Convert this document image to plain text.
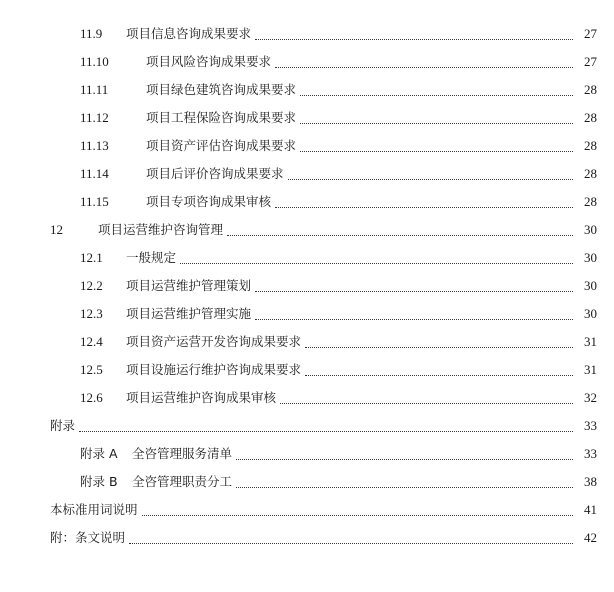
11.9	项目信息咨询成果要求	27
11.10	项目风险咨询成果要求	27
11.11	项目绿色建筑咨询成果要求	28
11.12	项目工程保险咨询成果要求	28
11.13	项目资产评估咨询成果要求	28
11.14	项目后评价咨询成果要求	28
11.15	项目专项咨询成果审核	28
12	项目运营维护咨询管理	30
12.1	一般规定	30
12.2	项目运营维护管理策划	30
12.3	项目运营维护管理实施	30
12.4	项目资产运营开发咨询成果要求	31
12.5	项目设施运行维护咨询成果要求	31
12.6	项目运营维护咨询成果审核	32
附录	33
附录 A	全咨管理服务清单	33
附录 B	全咨管理职责分工	38
本标准用词说明	41
附：条文说明	42
